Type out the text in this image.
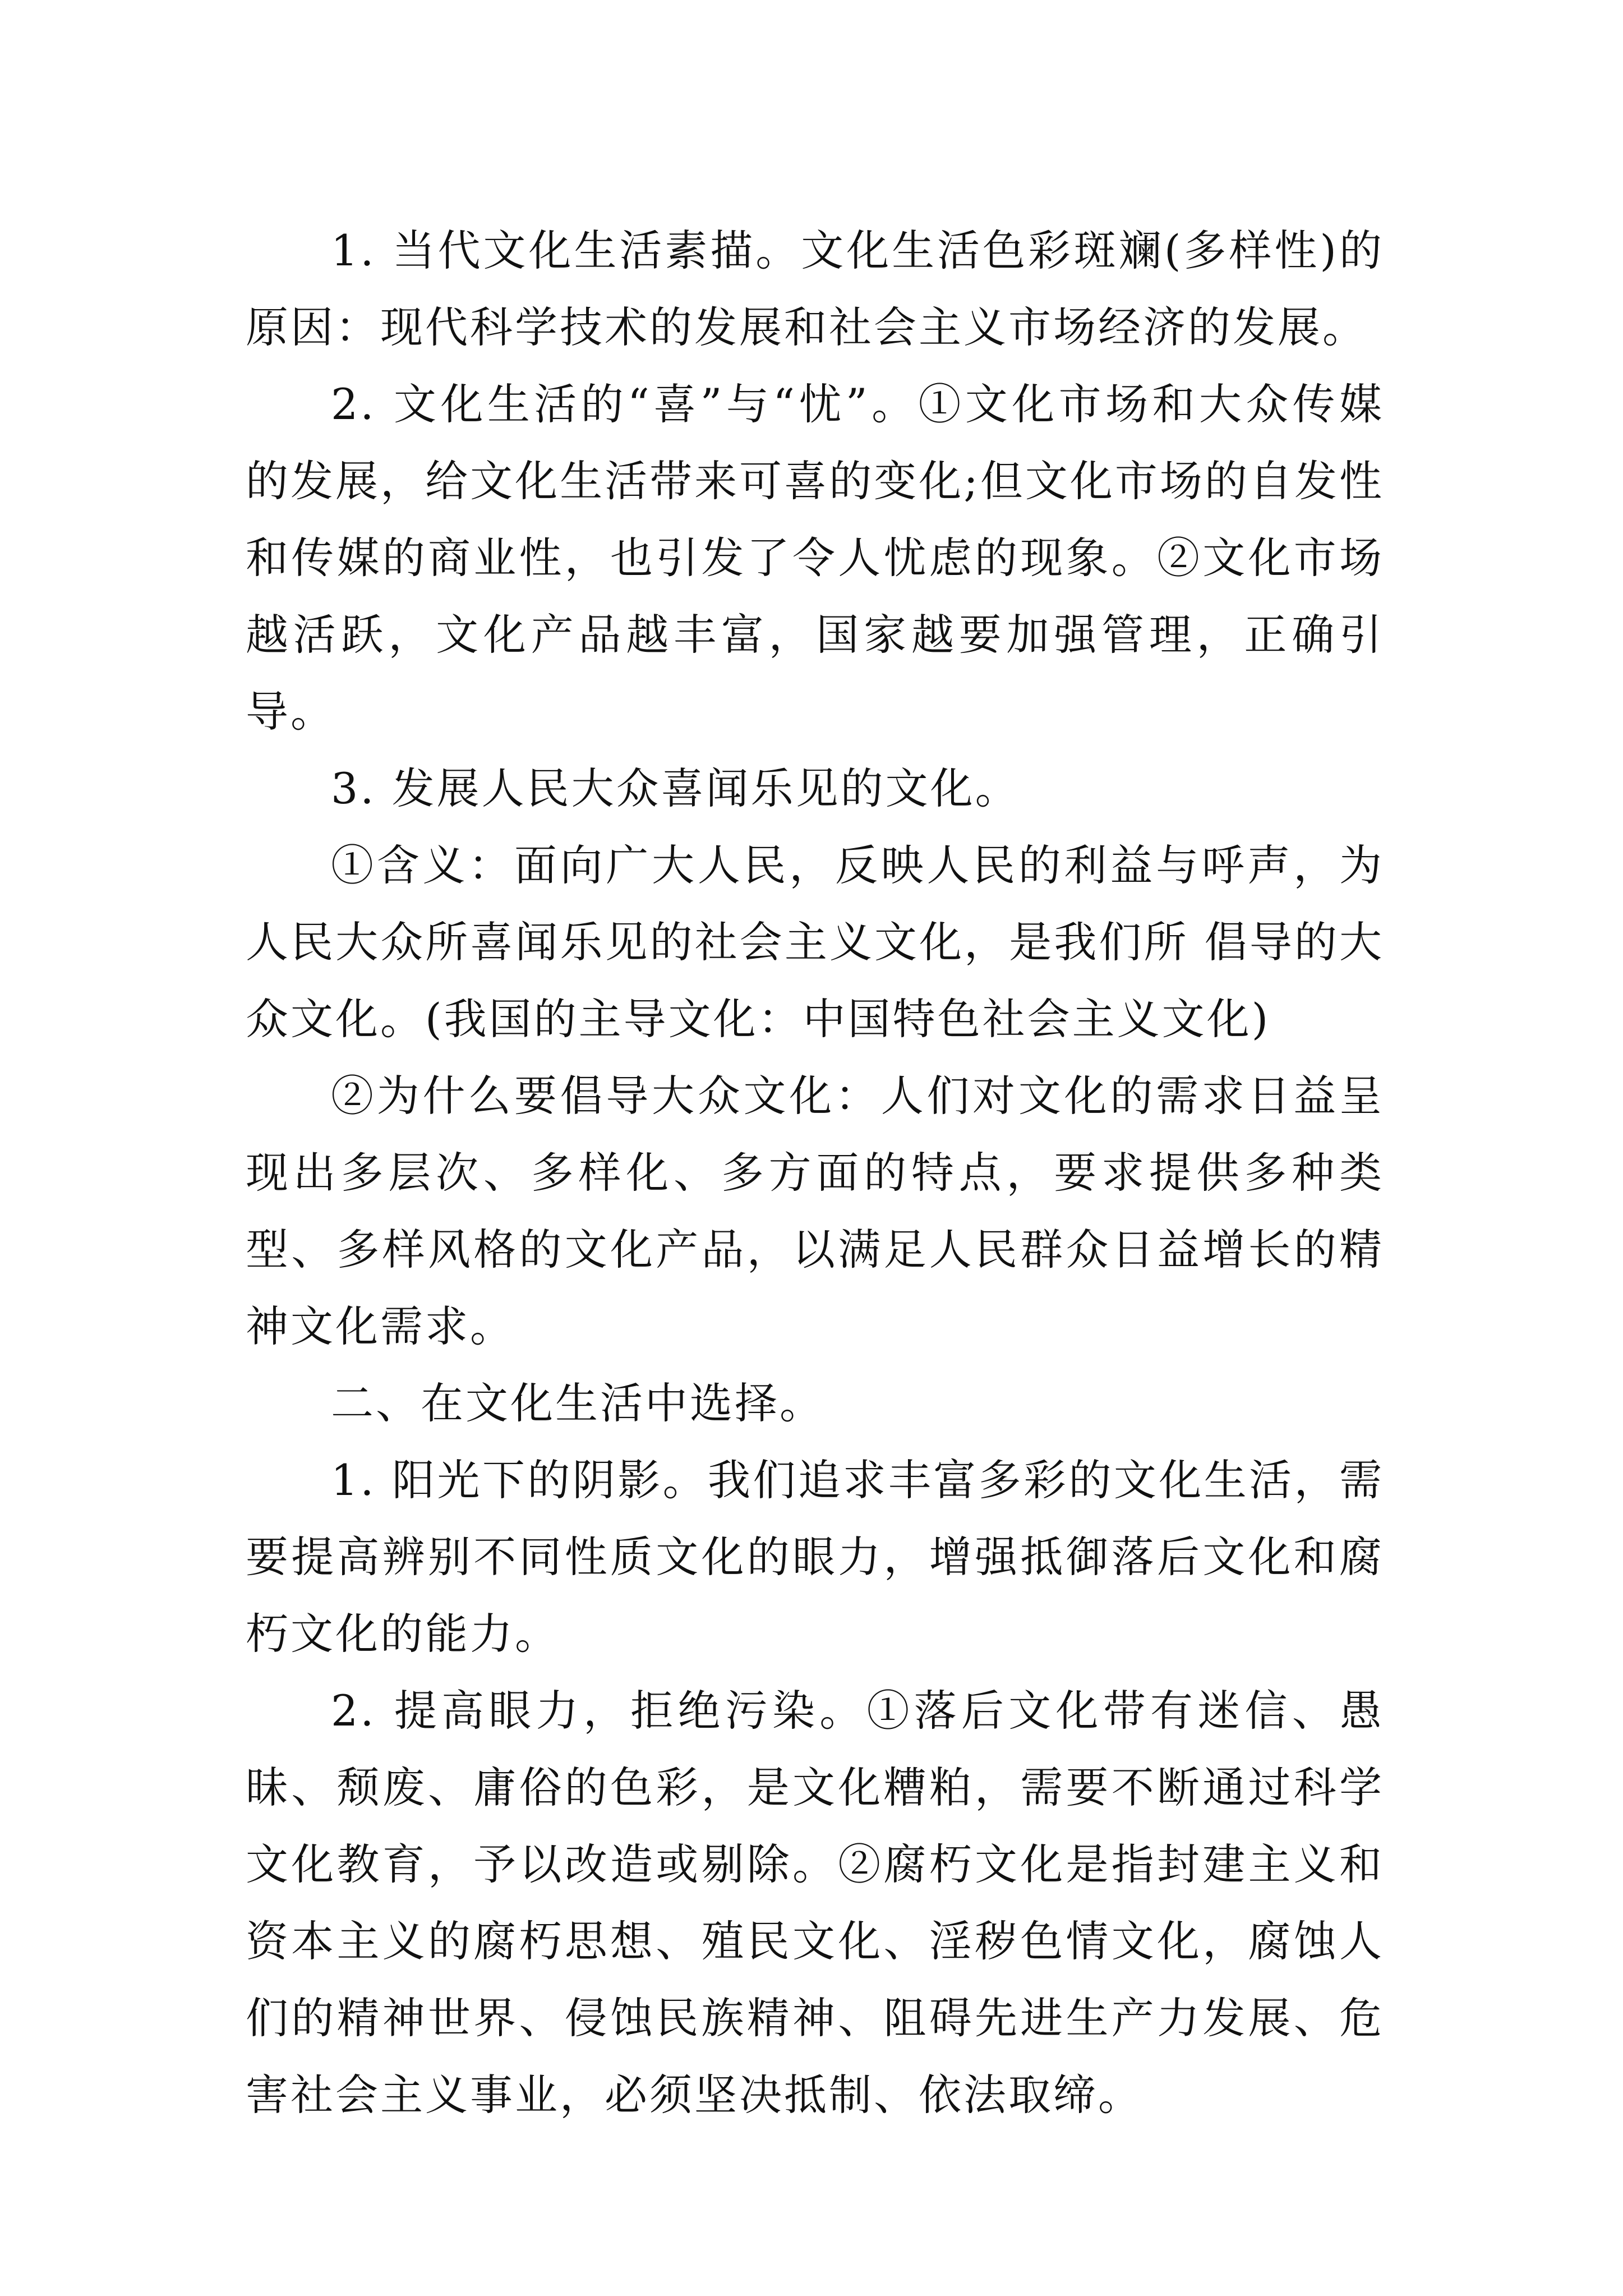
1. 当代文化生活素描。文化生活色彩斑斓(多样性)的原因：现代科学技术的发展和社会主义市场经济的发展。

2. 文化生活的“喜”与“忧”。①文化市场和大众传媒的发展，给文化生活带来可喜的变化;但文化市场的自发性和传媒的商业性，也引发了令人忧虑的现象。②文化市场越活跃，文化产品越丰富，国家越要加强管理，正确引导。

3. 发展人民大众喜闻乐见的文化。

①含义：面向广大人民，反映人民的利益与呼声，为人民大众所喜闻乐见的社会主义文化，是我们所 倡导的大众文化。(我国的主导文化：中国特色社会主义文化)

②为什么要倡导大众文化：人们对文化的需求日益呈现出多层次、多样化、多方面的特点，要求提供多种类型、多样风格的文化产品，以满足人民群众日益增长的精神文化需求。

二、在文化生活中选择。

1. 阳光下的阴影。我们追求丰富多彩的文化生活，需要提高辨别不同性质文化的眼力，增强抵御落后文化和腐朽文化的能力。

2. 提高眼力，拒绝污染。①落后文化带有迷信、愚昧、颓废、庸俗的色彩，是文化糟粕，需要不断通过科学文化教育，予以改造或剔除。②腐朽文化是指封建主义和资本主义的腐朽思想、殖民文化、淫秽色情文化，腐蚀人们的精神世界、侵蚀民族精神、阻碍先进生产力发展、危害社会主义事业，必须坚决抵制、依法取缔。
